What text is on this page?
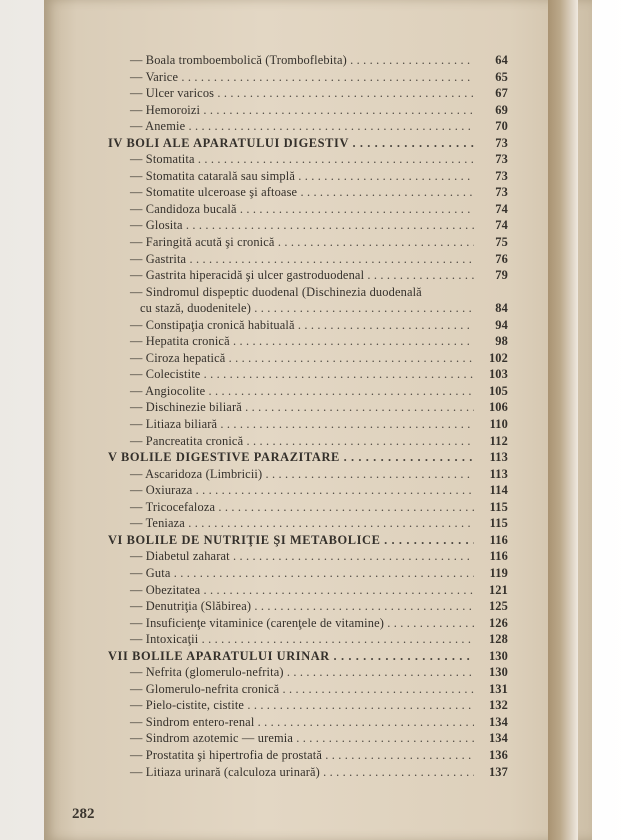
— Boala tromboembolică (Tromboflebita) . . .	64
— Varice . . .	65
— Ulcer varicos . . .	67
— Hemoroizi . . .	69
— Anemie . . .	70
IV BOLI ALE APARATULUI DIGESTIV . . .	73
— Stomatita . . .	73
— Stomatita catarală sau simplă . . .	73
— Stomatite ulceroase şi aftoase . . .	73
— Candidoza bucală . . .	74
— Glosita . . .	74
— Faringită acută şi cronică . . .	75
— Gastrita . . .	76
— Gastrita hiperacidă şi ulcer gastroduodenal . . .	79
— Sindromul dispeptic duodenal (Dischinezia duodenală
cu stază, duodenitele) . . .	84
— Constipaţia cronică habituală . . .	94
— Hepatita cronică . . .	98
— Ciroza hepatică . . .	102
— Colecistite . . .	103
— Angiocolite . . .	105
— Dischinezie biliară . . .	106
— Litiaza biliară . . .	110
— Pancreatita cronică . . .	112
V BOLILE DIGESTIVE PARAZITARE . . .	113
— Ascaridoza (Limbricii) . . .	113
— Oxiuraza . . .	114
— Tricocefaloza . . .	115
— Teniaza . . .	115
VI BOLILE DE NUTRIŢIE ŞI METABOLICE . . .	116
— Diabetul zaharat . . .	116
— Guta . . .	119
— Obezitatea . . .	121
— Denutriţia (Slăbirea) . . .	125
— Insuficienţe vitaminice (carenţele de vitamine) . . .	126
— Intoxicaţii . . .	128
VII BOLILE APARATULUI URINAR . . .	130
— Nefrita (glomerulo-nefrita) . . .	130
— Glomerulo-nefrita cronică . . .	131
— Pielo-cistite, cistite . . .	132
— Sindrom entero-renal . . .	134
— Sindrom azotemic — uremia . . .	134
— Prostatita şi hipertrofia de prostată . . .	136
— Litiaza urinară (calculoza urinară) . . .	137
282
